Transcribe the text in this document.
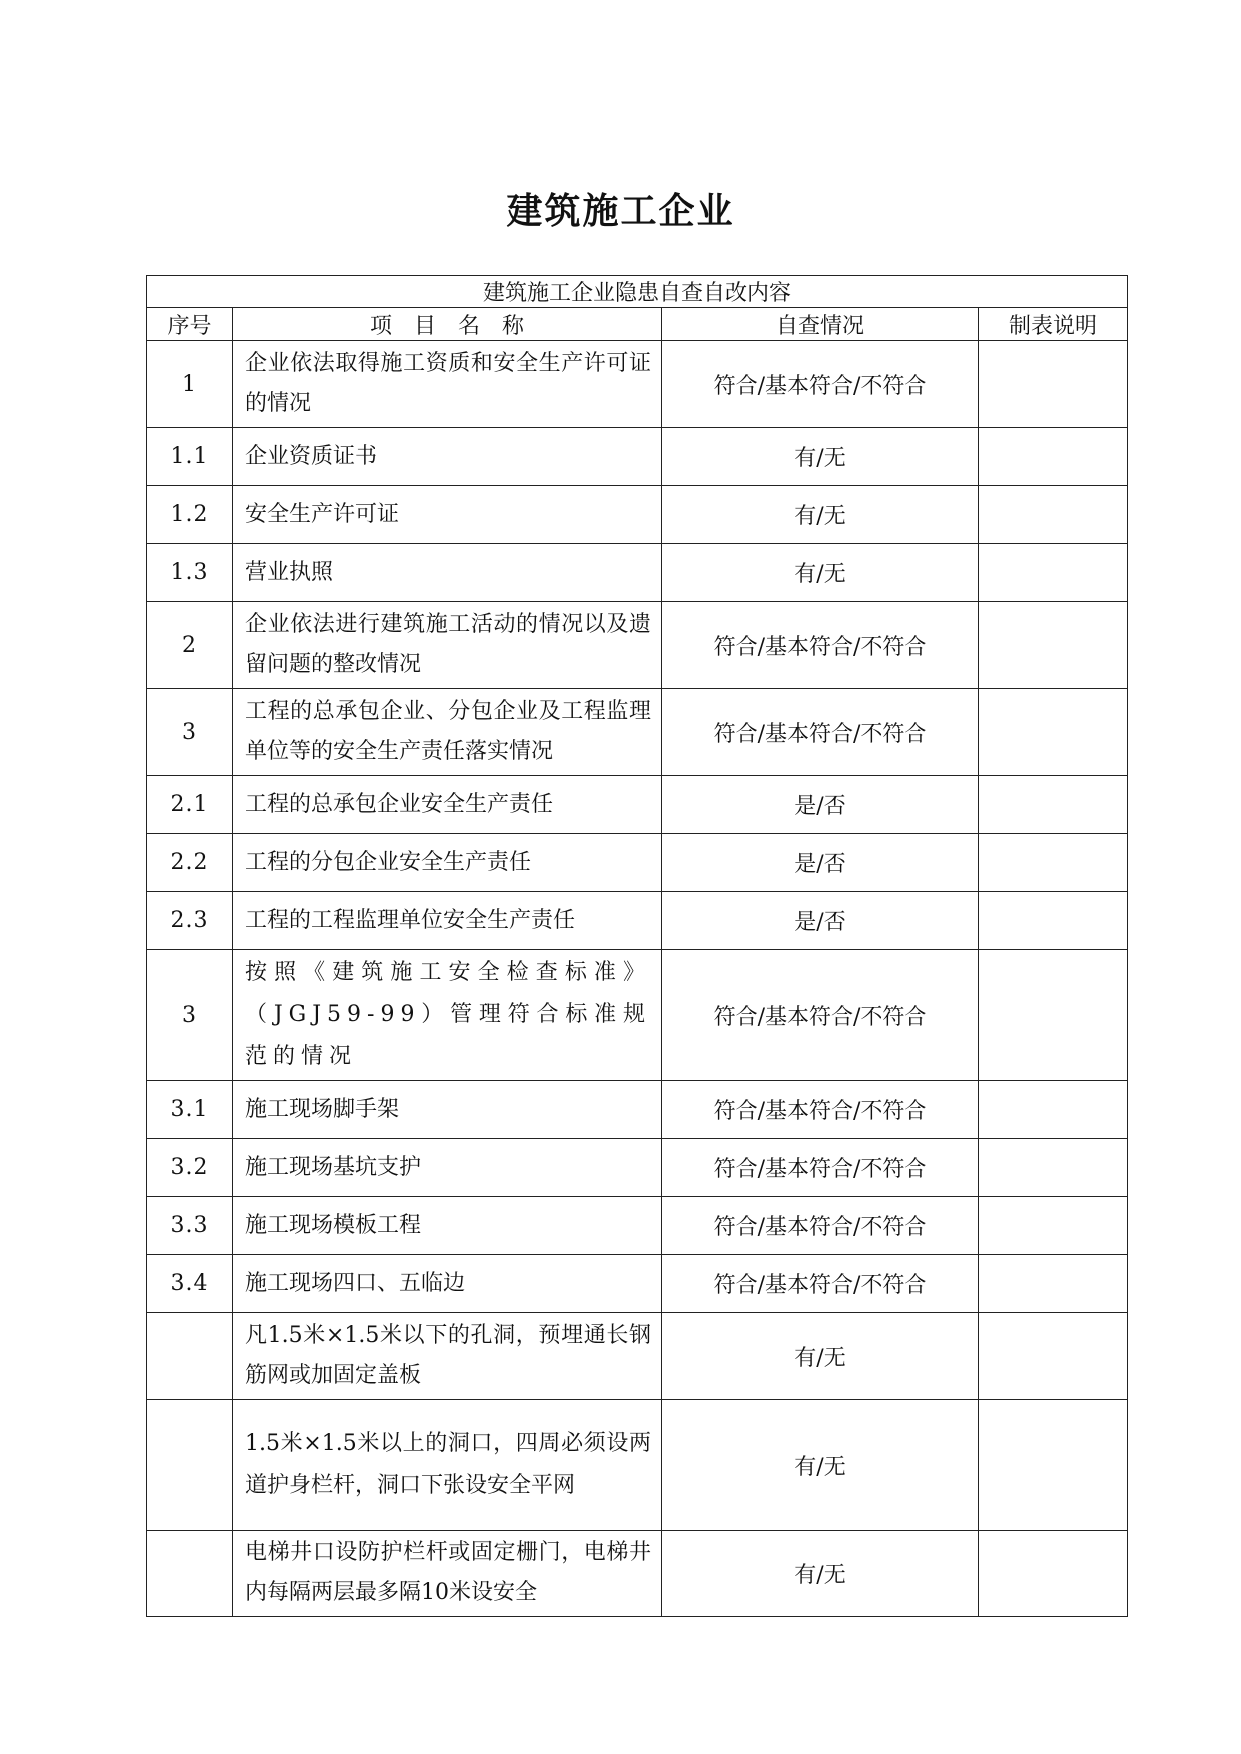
建筑施工企业
建筑施工企业隐患自查自改内容			
序号	项　目　名　称	自查情况	制表说明
1	企业依法取得施工资质和安全生产许可证的情况	符合/基本符合/不符合	
1.1	企业资质证书	有/无	
1.2	安全生产许可证	有/无	
1.3	营业执照	有/无	
2	企业依法进行建筑施工活动的情况以及遗留问题的整改情况	符合/基本符合/不符合	
3	工程的总承包企业、分包企业及工程监理单位等的安全生产责任落实情况	符合/基本符合/不符合	
2.1	工程的总承包企业安全生产责任	是/否	
2.2	工程的分包企业安全生产责任	是/否	
2.3	工程的工程监理单位安全生产责任	是/否	
3	按照《建筑施工安全检查标准》（JGJ59-99）管理符合标准规范的情况	符合/基本符合/不符合	
3.1	施工现场脚手架	符合/基本符合/不符合	
3.2	施工现场基坑支护	符合/基本符合/不符合	
3.3	施工现场模板工程	符合/基本符合/不符合	
3.4	施工现场四口、五临边	符合/基本符合/不符合	
	凡1.5米×1.5米以下的孔洞，预埋通长钢筋网或加固定盖板	有/无	
	1.5米×1.5米以上的洞口，四周必须设两道护身栏杆，洞口下张设安全平网	有/无	
	电梯井口设防护栏杆或固定栅门，电梯井内每隔两层最多隔10米设安全	有/无	
